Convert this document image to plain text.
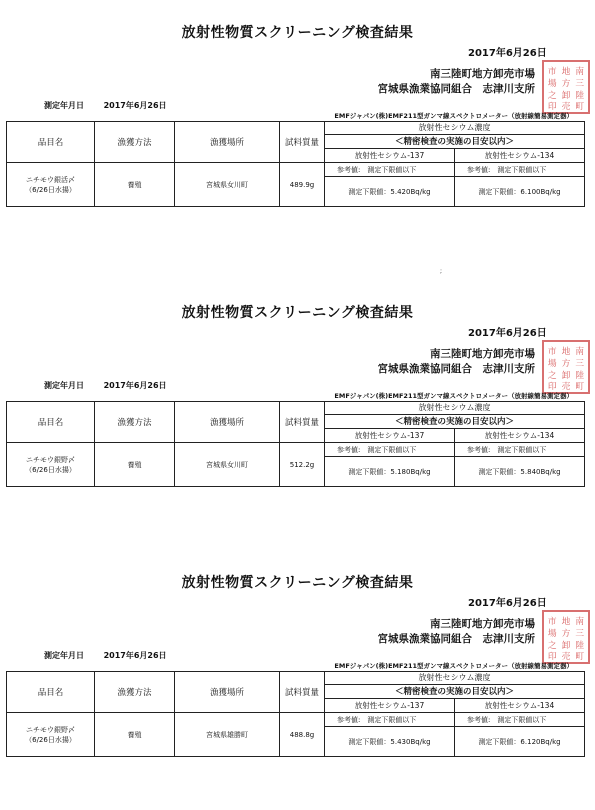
放射性物質スクリーニング検査結果
2017年6月26日
南三陸町地方卸売市場
宮城県漁業協同組合　志津川支所
南
三
陸
町
地
方
卸
売
市
場
之
印
測定年月日 2017年6月26日
EMFジャパン(株)EMF211型ガンマ線スペクトロメーター（放射線簡易測定器）
品目名	漁獲方法	漁獲場所	試料質量	放射性セシウム濃度	
				＜精密検査の実施の目安以内＞	
				放射性セシウム-137	放射性セシウム-134

ニチモウ銀活〆
（6/26日水揚）	養殖	宮城県女川町	489.9g	参考値:　測定下限値以下	参考値:　測定下限値以下
				測定下限値：5.420Bq/kg	測定下限値：6.100Bq/kg
;
放射性物質スクリーニング検査結果
2017年6月26日
南三陸町地方卸売市場
宮城県漁業協同組合　志津川支所
南
三
陸
町
地
方
卸
売
市
場
之
印
測定年月日 2017年6月26日
EMFジャパン(株)EMF211型ガンマ線スペクトロメーター（放射線簡易測定器）
品目名	漁獲方法	漁獲場所	試料質量	放射性セシウム濃度	
				＜精密検査の実施の目安以内＞	
				放射性セシウム-137	放射性セシウム-134

ニチモウ銀野〆
（6/26日水揚）	養殖	宮城県女川町	512.2g	参考値:　測定下限値以下	参考値:　測定下限値以下
				測定下限値：5.180Bq/kg	測定下限値：5.840Bq/kg
放射性物質スクリーニング検査結果
2017年6月26日
南三陸町地方卸売市場
宮城県漁業協同組合　志津川支所
南
三
陸
町
地
方
卸
売
市
場
之
印
測定年月日 2017年6月26日
EMFジャパン(株)EMF211型ガンマ線スペクトロメーター（放射線簡易測定器）
品目名	漁獲方法	漁獲場所	試料質量	放射性セシウム濃度	
				＜精密検査の実施の目安以内＞	
				放射性セシウム-137	放射性セシウム-134

ニチモウ銀野〆
（6/26日水揚）	養殖	宮城県雄勝町	488.8g	参考値:　測定下限値以下	参考値:　測定下限値以下
				測定下限値：5.430Bq/kg	測定下限値：6.120Bq/kg
